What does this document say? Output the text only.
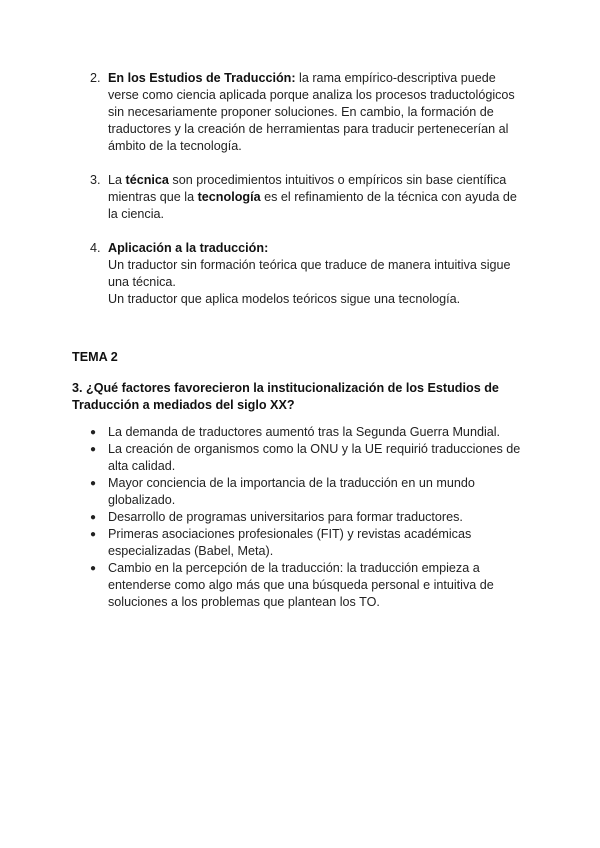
2. En los Estudios de Traducción: la rama empírico-descriptiva puede verse como ciencia aplicada porque analiza los procesos traductológicos sin necesariamente proponer soluciones. En cambio, la formación de traductores y la creación de herramientas para traducir pertenecerían al ámbito de la tecnología.
3. La técnica son procedimientos intuitivos o empíricos sin base científica mientras que la tecnología es el refinamiento de la técnica con ayuda de la ciencia.
4. Aplicación a la traducción:
Un traductor sin formación teórica que traduce de manera intuitiva sigue una técnica.
Un traductor que aplica modelos teóricos sigue una tecnología.
TEMA 2
3. ¿Qué factores favorecieron la institucionalización de los Estudios de Traducción a mediados del siglo XX?
● La demanda de traductores aumentó tras la Segunda Guerra Mundial.
● La creación de organismos como la ONU y la UE requirió traducciones de alta calidad.
● Mayor conciencia de la importancia de la traducción en un mundo globalizado.
● Desarrollo de programas universitarios para formar traductores.
● Primeras asociaciones profesionales (FIT) y revistas académicas especializadas (Babel, Meta).
● Cambio en la percepción de la traducción: la traducción empieza a entenderse como algo más que una búsqueda personal e intuitiva de soluciones a los problemas que plantean los TO.
